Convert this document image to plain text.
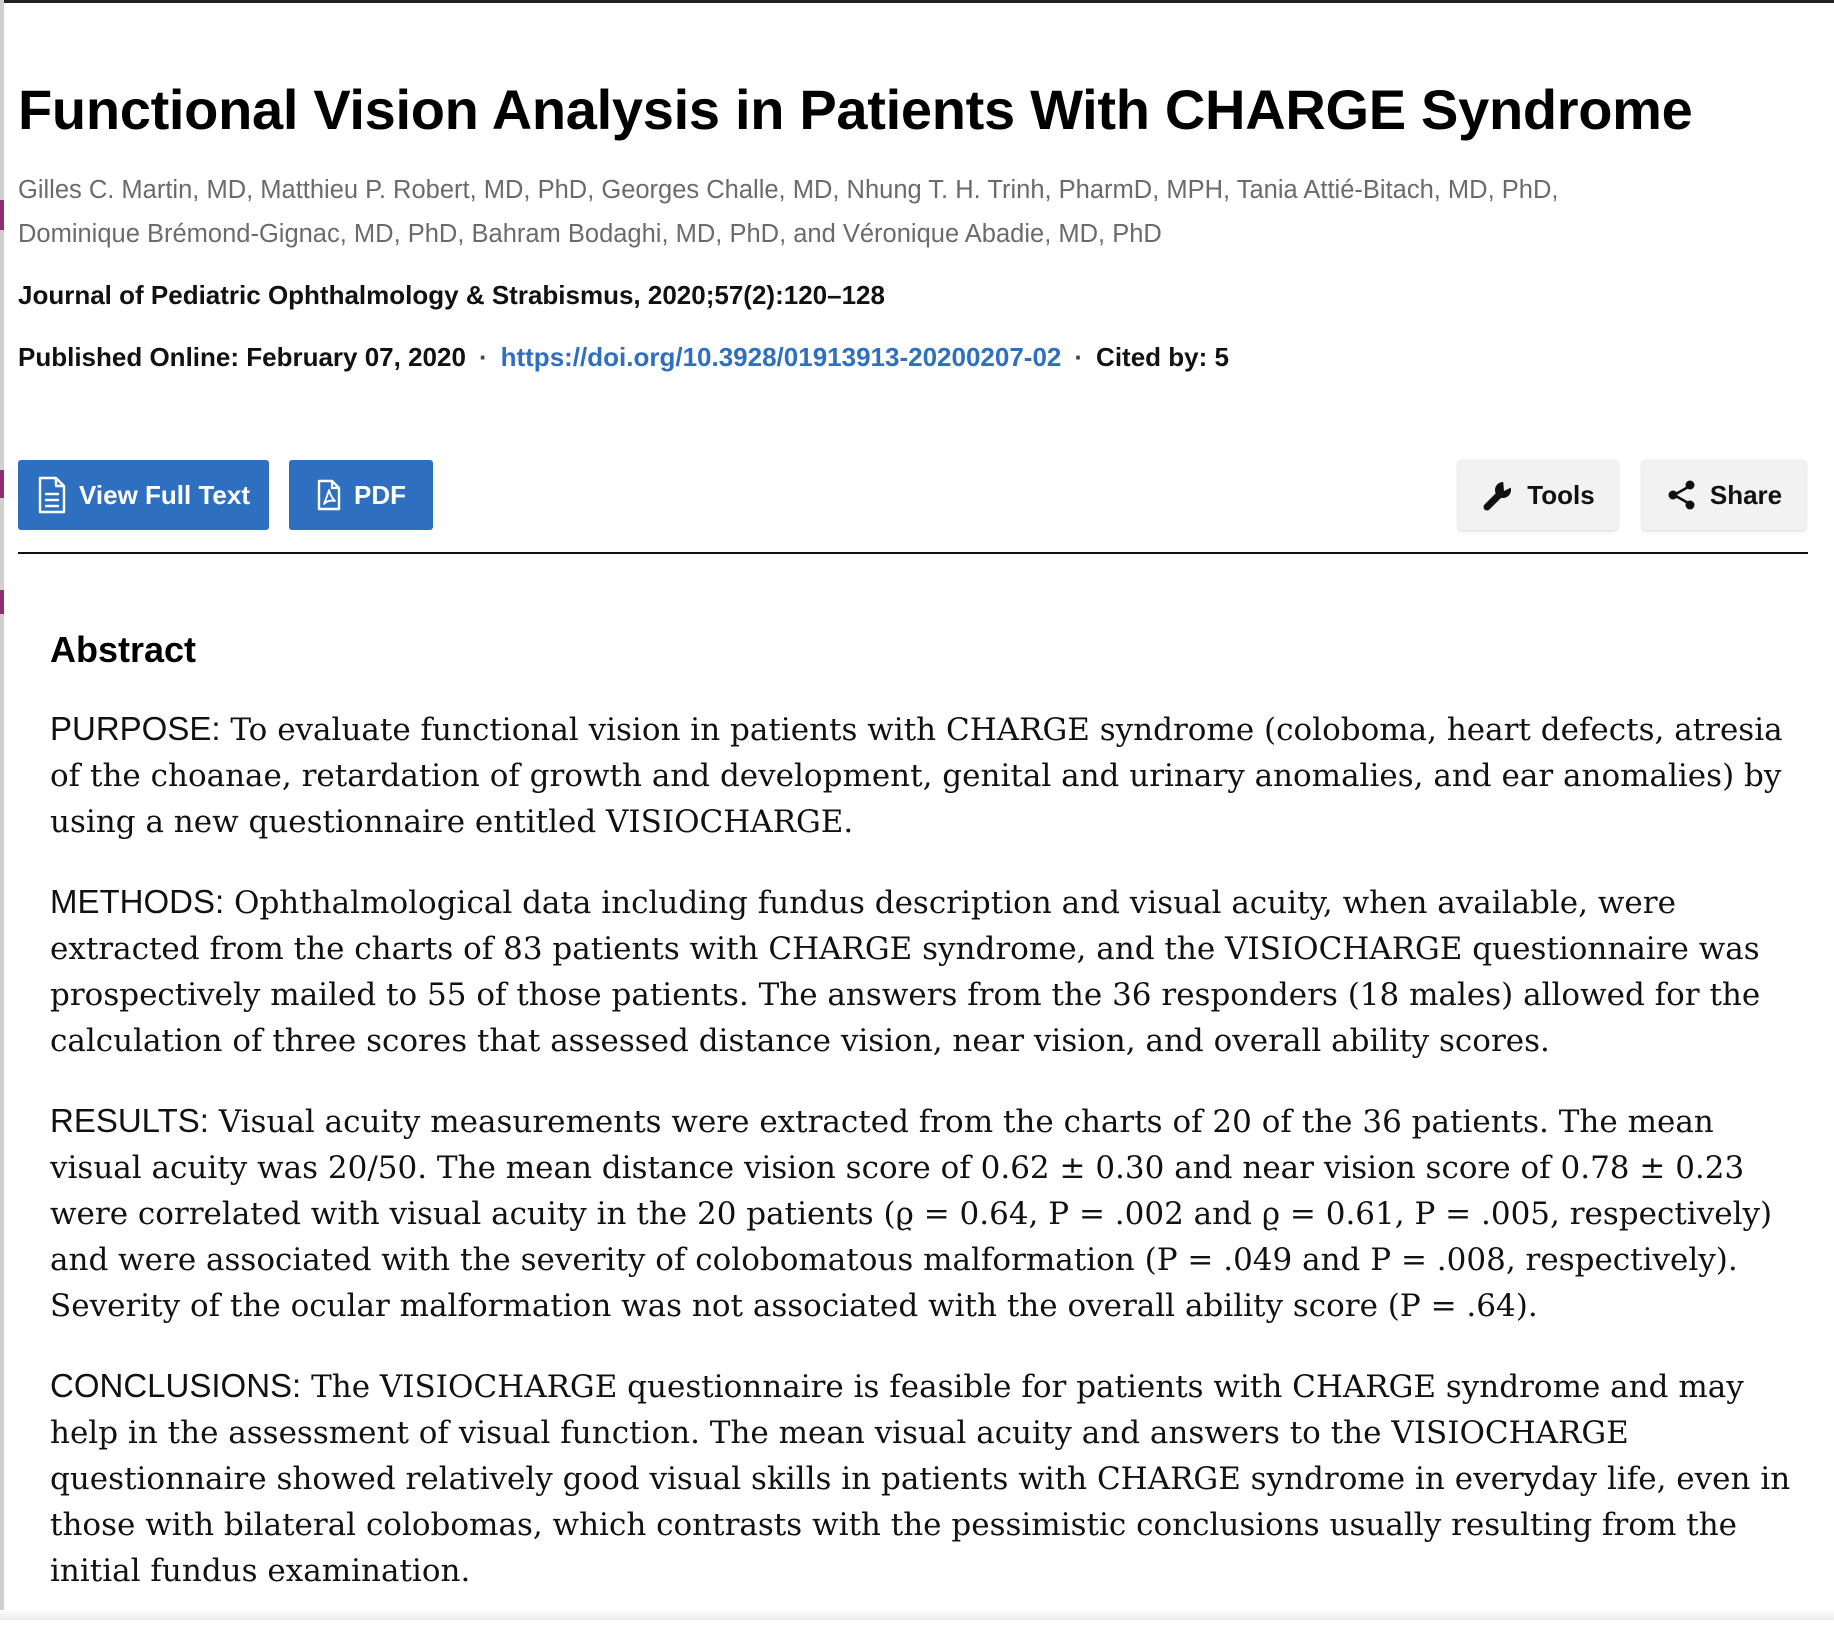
Functional Vision Analysis in Patients With CHARGE Syndrome
Gilles C. Martin, MD, Matthieu P. Robert, MD, PhD, Georges Challe, MD, Nhung T. H. Trinh, PharmD, MPH, Tania Attié-Bitach, MD, PhD,
Dominique Brémond-Gignac, MD, PhD, Bahram Bodaghi, MD, PhD, and Véronique Abadie, MD, PhD
Journal of Pediatric Ophthalmology & Strabismus, 2020;57(2):120–128
Published Online: February 07, 2020 · https://doi.org/10.3928/01913913-20200207-02 · Cited by: 5
View Full Text	PDF	Tools	Share
Abstract

PURPOSE: To evaluate functional vision in patients with CHARGE syndrome (coloboma, heart defects, atresia of the choanae, retardation of growth and development, genital and urinary anomalies, and ear anomalies) by using a new questionnaire entitled VISIOCHARGE.

METHODS: Ophthalmological data including fundus description and visual acuity, when available, were extracted from the charts of 83 patients with CHARGE syndrome, and the VISIOCHARGE questionnaire was prospectively mailed to 55 of those patients. The answers from the 36 responders (18 males) allowed for the calculation of three scores that assessed distance vision, near vision, and overall ability scores.

RESULTS: Visual acuity measurements were extracted from the charts of 20 of the 36 patients. The mean visual acuity was 20/50. The mean distance vision score of 0.62 ± 0.30 and near vision score of 0.78 ± 0.23 were correlated with visual acuity in the 20 patients (ϱ = 0.64, P = .002 and ϱ = 0.61, P = .005, respectively) and were associated with the severity of colobomatous malformation (P = .049 and P = .008, respectively). Severity of the ocular malformation was not associated with the overall ability score (P = .64).

CONCLUSIONS: The VISIOCHARGE questionnaire is feasible for patients with CHARGE syndrome and may help in the assessment of visual function. The mean visual acuity and answers to the VISIOCHARGE questionnaire showed relatively good visual skills in patients with CHARGE syndrome in everyday life, even in those with bilateral colobomas, which contrasts with the pessimistic conclusions usually resulting from the initial fundus examination.
